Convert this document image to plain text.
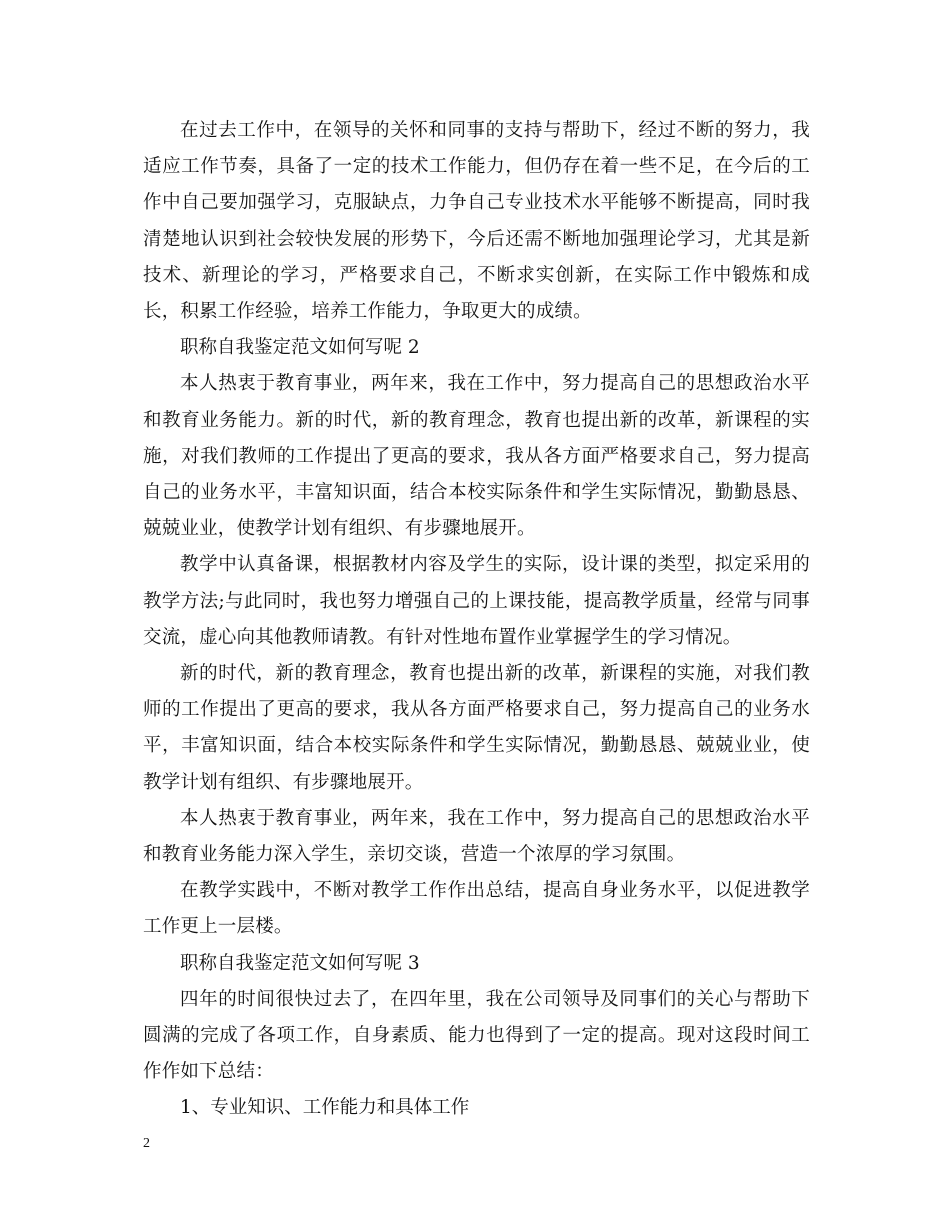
在过去工作中，在领导的关怀和同事的支持与帮助下，经过不断的努力，我适应工作节奏，具备了一定的技术工作能力，但仍存在着一些不足，在今后的工作中自己要加强学习，克服缺点，力争自己专业技术水平能够不断提高，同时我清楚地认识到社会较快发展的形势下，今后还需不断地加强理论学习，尤其是新技术、新理论的学习，严格要求自己，不断求实创新，在实际工作中锻炼和成长，积累工作经验，培养工作能力，争取更大的成绩。

职称自我鉴定范文如何写呢 2

本人热衷于教育事业，两年来，我在工作中，努力提高自己的思想政治水平和教育业务能力。新的时代，新的教育理念，教育也提出新的改革，新课程的实施，对我们教师的工作提出了更高的要求，我从各方面严格要求自己，努力提高自己的业务水平，丰富知识面，结合本校实际条件和学生实际情况，勤勤恳恳、兢兢业业，使教学计划有组织、有步骤地展开。

教学中认真备课，根据教材内容及学生的实际，设计课的类型，拟定采用的教学方法;与此同时，我也努力增强自己的上课技能，提高教学质量，经常与同事交流，虚心向其他教师请教。有针对性地布置作业掌握学生的学习情况。

新的时代，新的教育理念，教育也提出新的改革，新课程的实施，对我们教师的工作提出了更高的要求，我从各方面严格要求自己，努力提高自己的业务水平，丰富知识面，结合本校实际条件和学生实际情况，勤勤恳恳、兢兢业业，使教学计划有组织、有步骤地展开。

本人热衷于教育事业，两年来，我在工作中，努力提高自己的思想政治水平和教育业务能力深入学生，亲切交谈，营造一个浓厚的学习氛围。

在教学实践中，不断对教学工作作出总结，提高自身业务水平，以促进教学工作更上一层楼。

职称自我鉴定范文如何写呢 3

四年的时间很快过去了，在四年里，我在公司领导及同事们的关心与帮助下圆满的完成了各项工作，自身素质、能力也得到了一定的提高。现对这段时间工作作如下总结：

1、专业知识、工作能力和具体工作

2
